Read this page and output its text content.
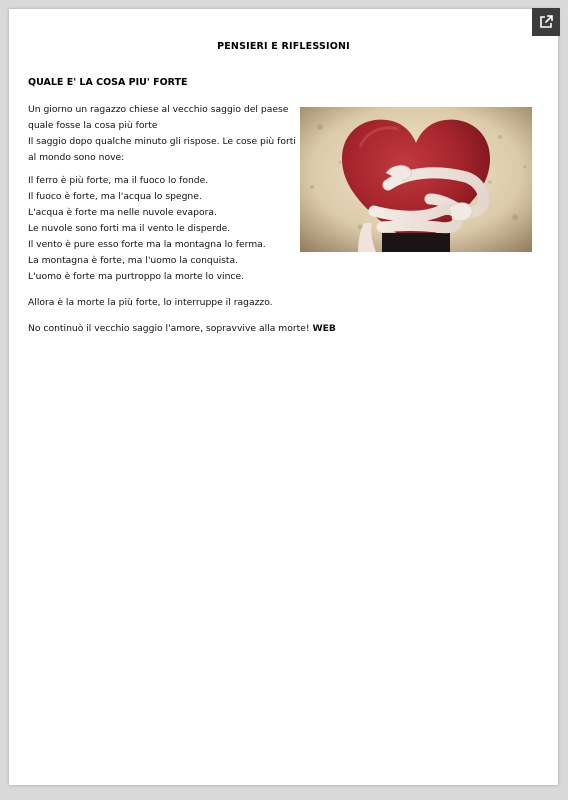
PENSIERI E RIFLESSIONI
QUALE E' LA COSA PIU' FORTE
Un giorno un ragazzo chiese al vecchio saggio del paese
quale fosse la cosa più forte
Il saggio dopo qualche minuto gli rispose. Le cose più forti
al mondo sono nove:
Il ferro è più forte, ma il fuoco lo fonde.
Il fuoco è forte, ma l'acqua lo spegne.
L'acqua è forte ma nelle nuvole evapora.
Le nuvole sono forti ma il vento le disperde.
Il vento è pure esso forte ma la montagna lo ferma.
La montagna è forte, ma l'uomo la conquista.
L'uomo è forte ma purtroppo la morte lo vince.
Allora è la morte la più forte, lo interruppe il ragazzo.
No continuò il vecchio saggio l'amore, sopravvive alla morte! WEB
